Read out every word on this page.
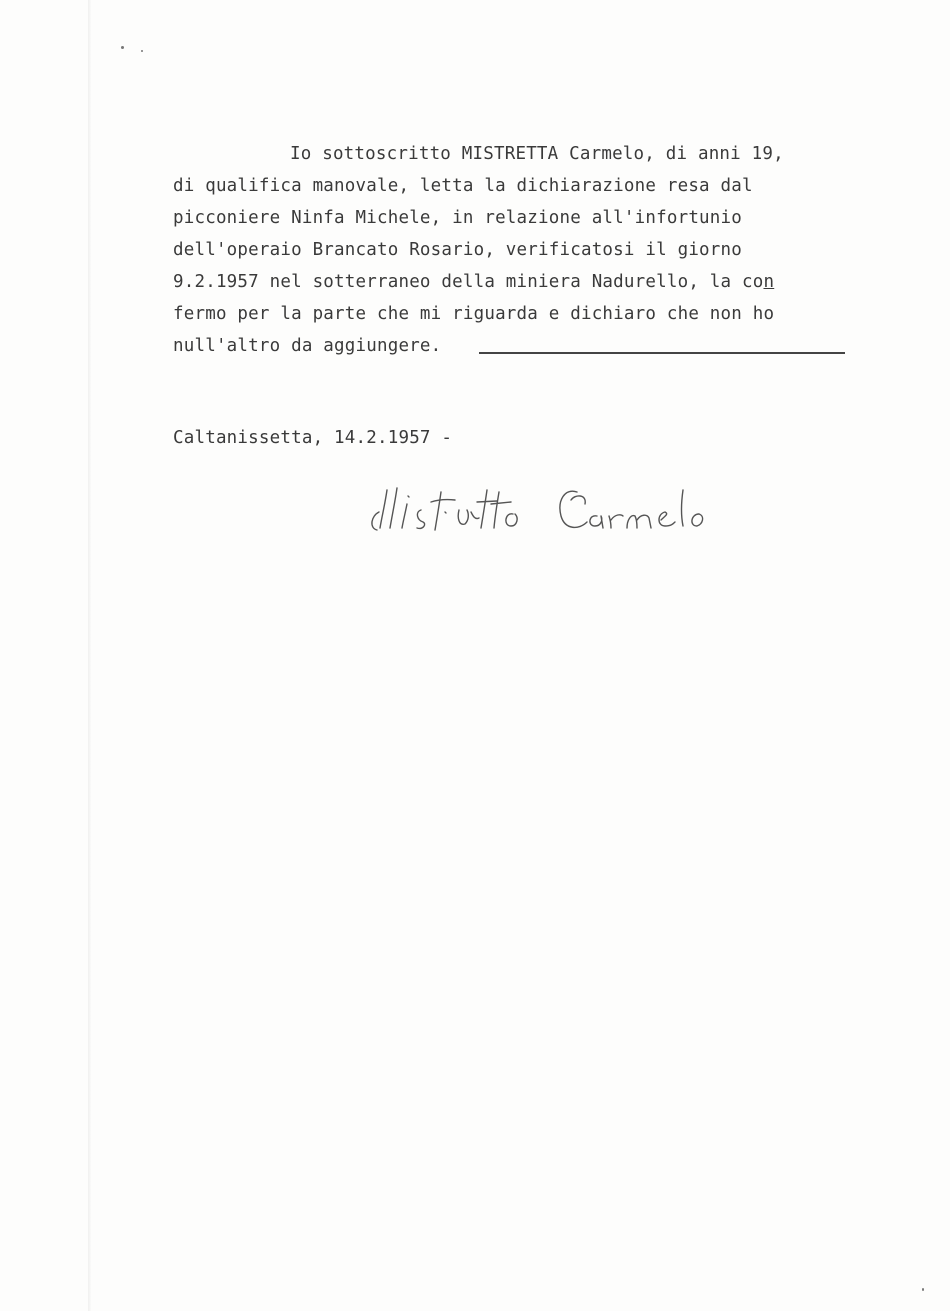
Io sottoscritto MISTRETTA Carmelo, di anni 19,
di qualifica manovale, letta la dichiarazione resa dal
picconiere Ninfa Michele, in relazione all'infortunio
dell'operaio Brancato Rosario, verificatosi il giorno
9.2.1957 nel sotterraneo della miniera Nadurello, la con
fermo per la parte che mi riguarda e dichiaro che non ho
null'altro da aggiungere.
Caltanissetta, 14.2.1957 -
